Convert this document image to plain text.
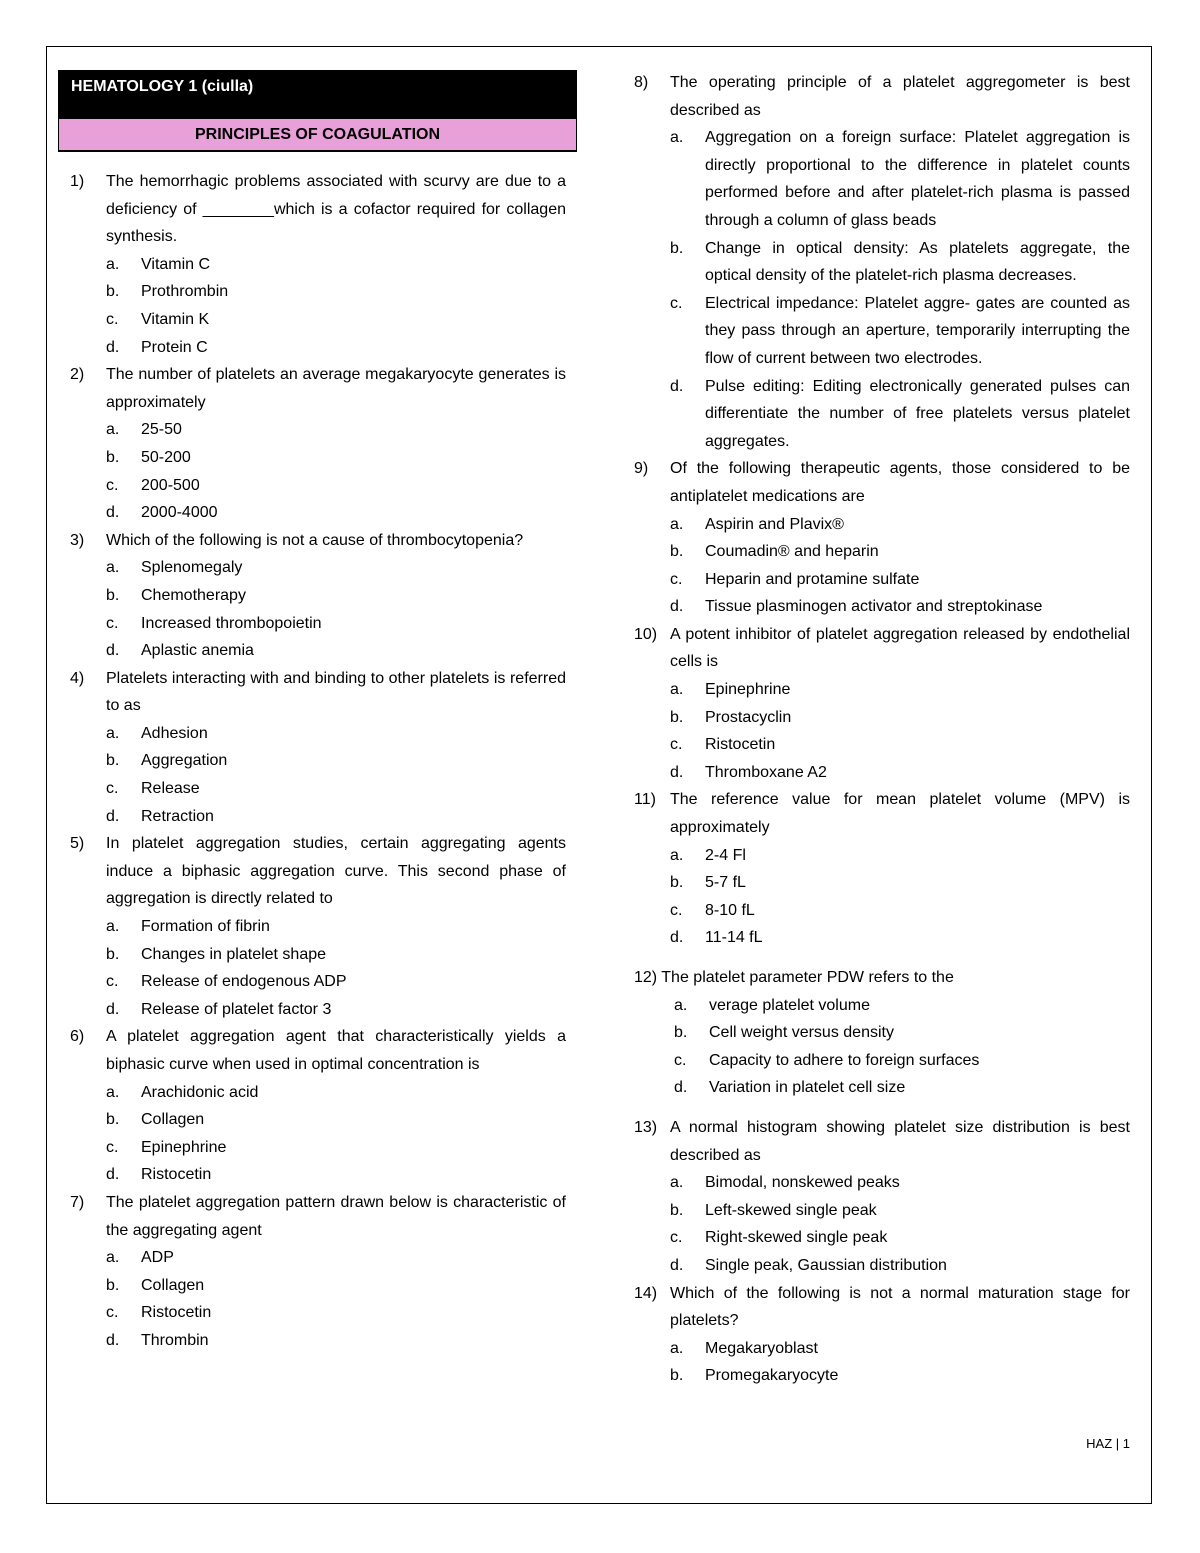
HEMATOLOGY 1 (ciulla)
PRINCIPLES OF COAGULATION
1)	The hemorrhagic problems associated with scurvy are due to a deficiency of ________which is a cofactor required for collagen synthesis.
a.	Vitamin C
b.	Prothrombin
c.	Vitamin K
d.	Protein C
2)	The number of platelets an average megakaryocyte generates is approximately
a.	25-50
b.	50-200
c.	200-500
d.	2000-4000
3)	Which of the following is not a cause of thrombocytopenia?
a.	Splenomegaly
b.	Chemotherapy
c.	Increased thrombopoietin
d.	Aplastic anemia
4)	Platelets interacting with and binding to other platelets is referred to as
a.	Adhesion
b.	Aggregation
c.	Release
d.	Retraction
5)	In platelet aggregation studies, certain aggregating agents induce a biphasic aggregation curve. This second phase of aggregation is directly related to
a.	Formation of fibrin
b.	Changes in platelet shape
c.	Release of endogenous ADP
d.	Release of platelet factor 3
6)	A platelet aggregation agent that characteristically yields a biphasic curve when used in optimal concentration is
a.	Arachidonic acid
b.	Collagen
c.	Epinephrine
d.	Ristocetin
7)	The platelet aggregation pattern drawn below is characteristic of the aggregating agent
a.	ADP
b.	Collagen
c.	Ristocetin
d.	Thrombin
8)	The operating principle of a platelet aggregometer is best described as
a.	Aggregation on a foreign surface: Platelet aggregation is directly proportional to the difference in platelet counts performed before and after platelet-rich plasma is passed through a column of glass beads
b.	Change in optical density: As platelets aggregate, the optical density of the platelet-rich plasma decreases.
c.	Electrical impedance: Platelet aggre- gates are counted as they pass through an aperture, temporarily interrupting the flow of current between two electrodes.
d.	Pulse editing: Editing electronically generated pulses can differentiate the number of free platelets versus platelet aggregates.
9)	Of the following therapeutic agents, those considered to be antiplatelet medications are
a.	Aspirin and Plavix®
b.	Coumadin® and heparin
c.	Heparin and protamine sulfate
d.	Tissue plasminogen activator and streptokinase
10) A potent inhibitor of platelet aggregation released by endothelial cells is
a.	Epinephrine
b.	Prostacyclin
c.	Ristocetin
d.	Thromboxane A2
11) The reference value for mean platelet volume (MPV) is approximately
a.	2-4 Fl
b.	5-7 fL
c.	8-10 fL
d.	11-14 fL
12) The platelet parameter PDW refers to the
a.	verage platelet volume
b.	Cell weight versus density
c.	Capacity to adhere to foreign surfaces
d.	Variation in platelet cell size
13) A normal histogram showing platelet size distribution is best described as
a.	Bimodal, nonskewed peaks
b.	Left-skewed single peak
c.	Right-skewed single peak
d.	Single peak, Gaussian distribution
14) Which of the following is not a normal maturation stage for platelets?
a.	Megakaryoblast
b.	Promegakaryocyte
HAZ | 1
